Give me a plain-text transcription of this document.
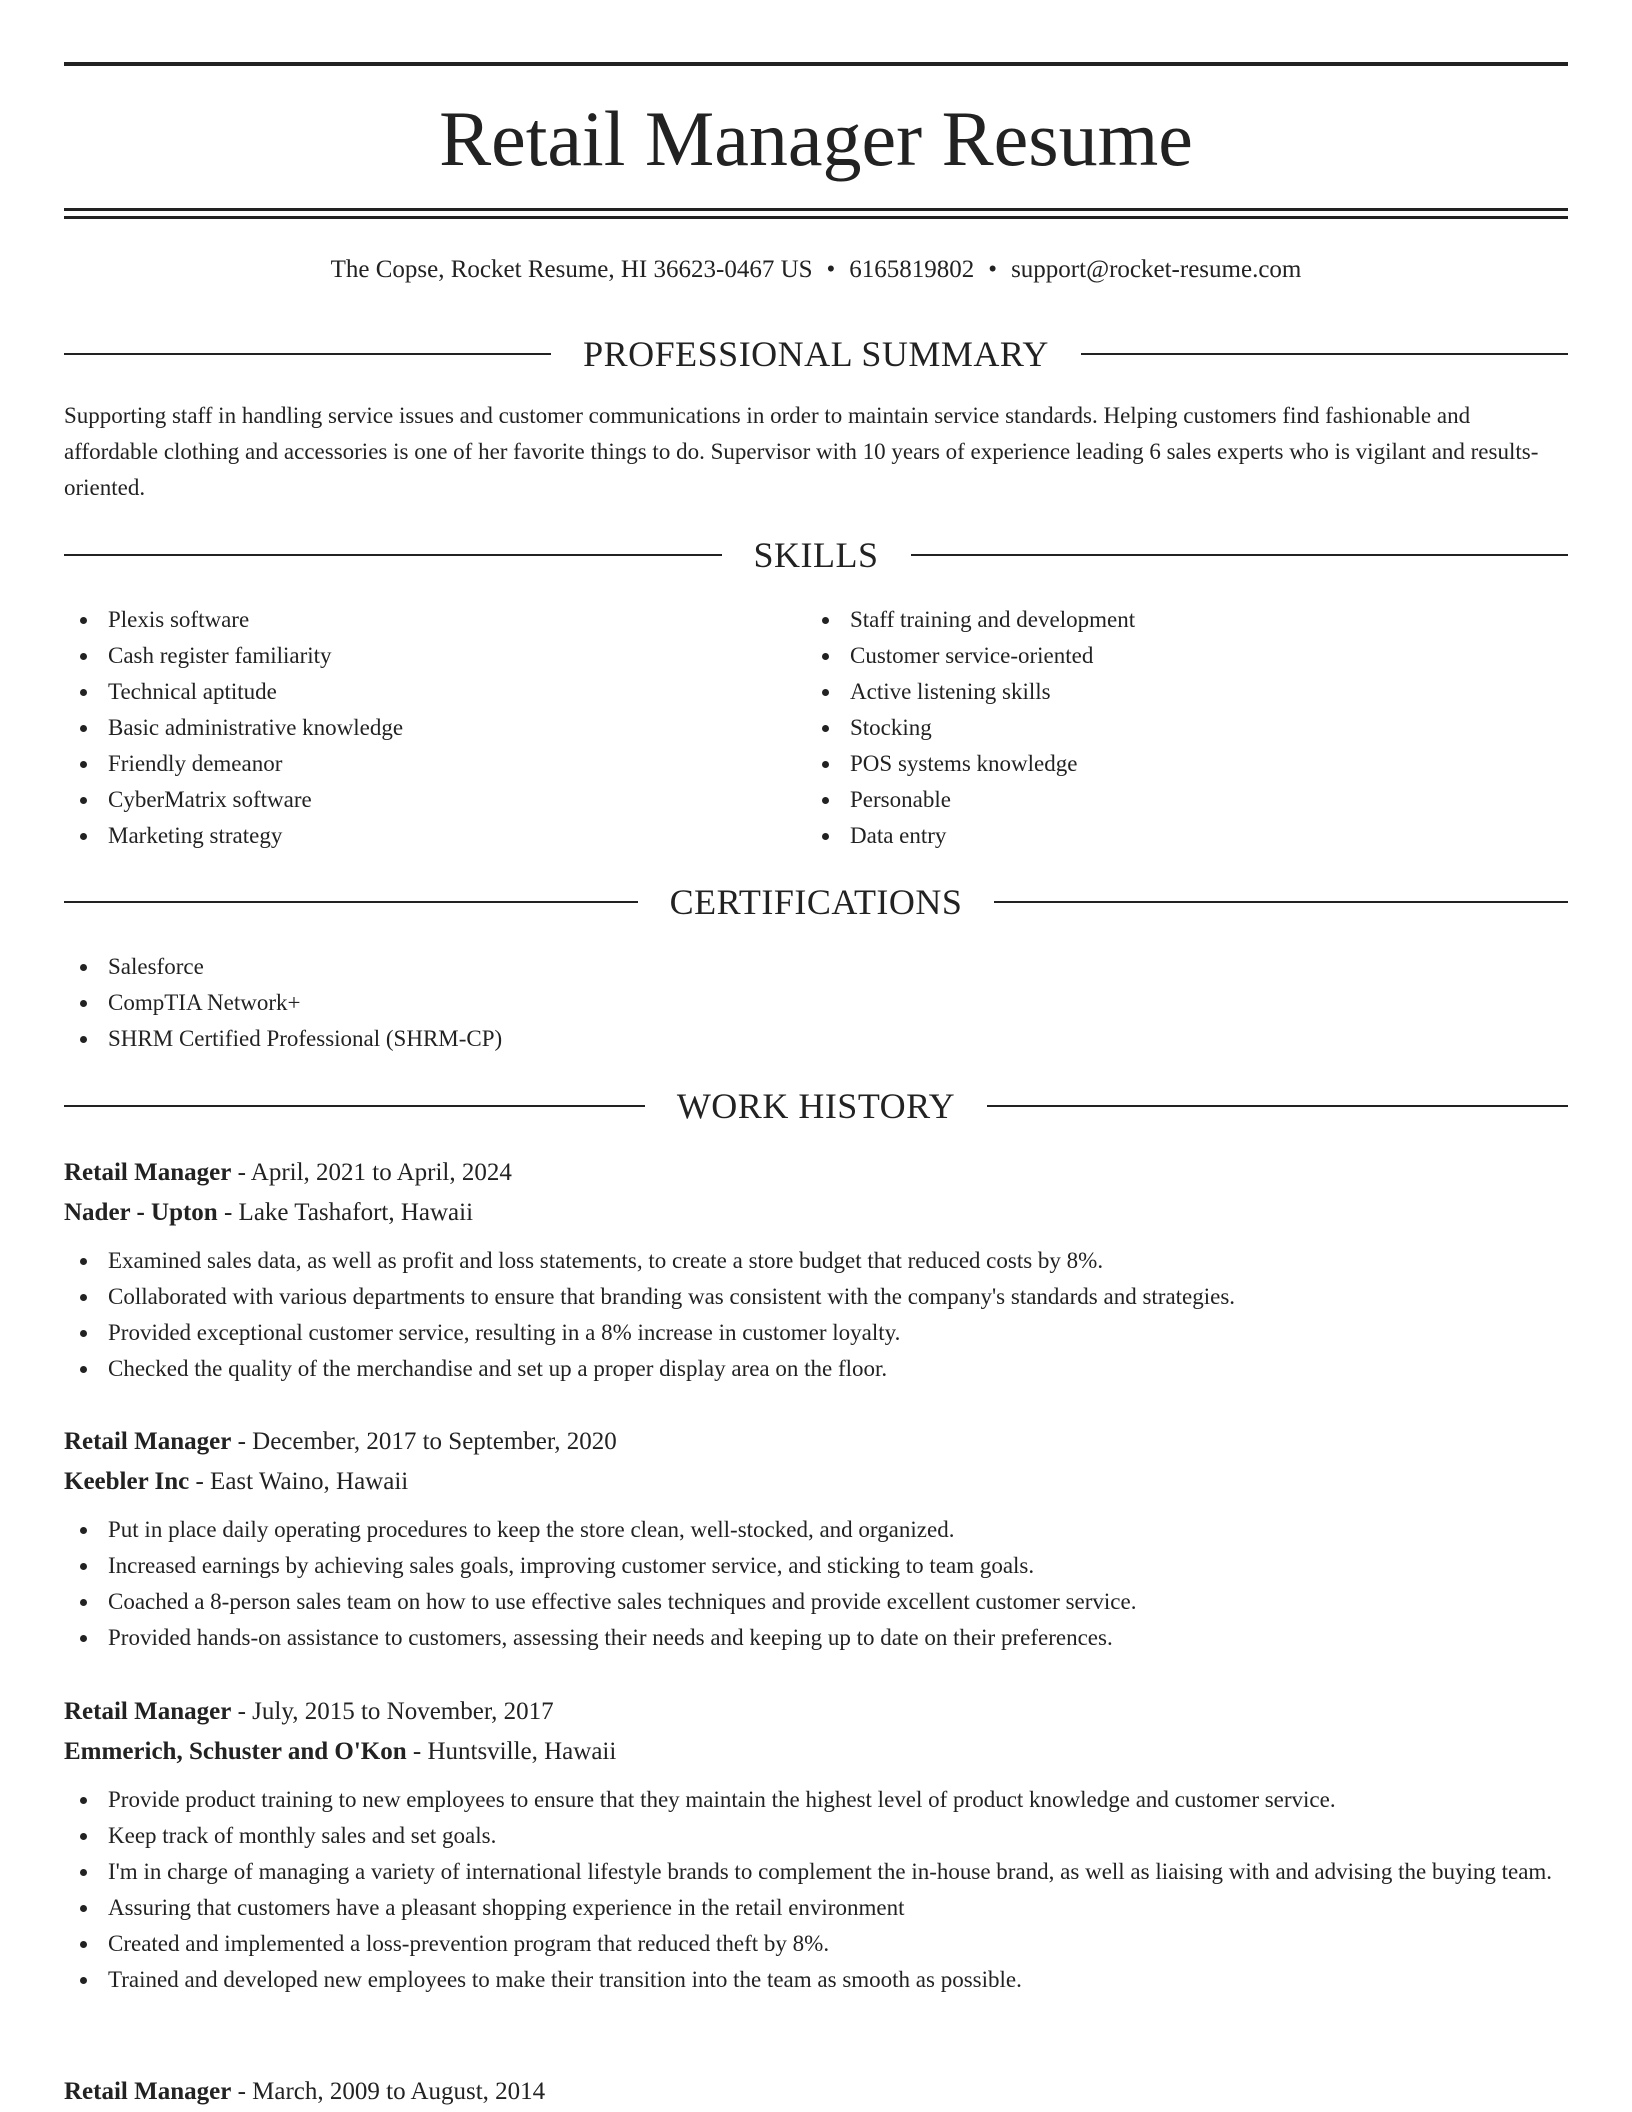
Retail Manager Resume
The Copse, Rocket Resume, HI 36623-0467 US • 6165819802 • support@rocket-resume.com
PROFESSIONAL SUMMARY

Supporting staff in handling service issues and customer communications in order to maintain service standards. Helping customers find fashionable and affordable clothing and accessories is one of her favorite things to do. Supervisor with 10 years of experience leading 6 sales experts who is vigilant and results-oriented.

SKILLS
Plexis software
Cash register familiarity
Technical aptitude
Basic administrative knowledge
Friendly demeanor
CyberMatrix software
Marketing strategy
Staff training and development
Customer service-oriented
Active listening skills
Stocking
POS systems knowledge
Personable
Data entry
CERTIFICATIONS
Salesforce
CompTIA Network+
SHRM Certified Professional (SHRM-CP)
WORK HISTORY
Retail Manager - April, 2021 to April, 2024
Nader - Upton - Lake Tashafort, Hawaii
Examined sales data, as well as profit and loss statements, to create a store budget that reduced costs by 8%.
Collaborated with various departments to ensure that branding was consistent with the company's standards and strategies.
Provided exceptional customer service, resulting in a 8% increase in customer loyalty.
Checked the quality of the merchandise and set up a proper display area on the floor.
Retail Manager - December, 2017 to September, 2020
Keebler Inc - East Waino, Hawaii
Put in place daily operating procedures to keep the store clean, well-stocked, and organized.
Increased earnings by achieving sales goals, improving customer service, and sticking to team goals.
Coached a 8-person sales team on how to use effective sales techniques and provide excellent customer service.
Provided hands-on assistance to customers, assessing their needs and keeping up to date on their preferences.
Retail Manager - July, 2015 to November, 2017
Emmerich, Schuster and O'Kon - Huntsville, Hawaii
Provide product training to new employees to ensure that they maintain the highest level of product knowledge and customer service.
Keep track of monthly sales and set goals.
I'm in charge of managing a variety of international lifestyle brands to complement the in-house brand, as well as liaising with and advising the buying team.
Assuring that customers have a pleasant shopping experience in the retail environment
Created and implemented a loss-prevention program that reduced theft by 8%.
Trained and developed new employees to make their transition into the team as smooth as possible.
Retail Manager - March, 2009 to August, 2014
